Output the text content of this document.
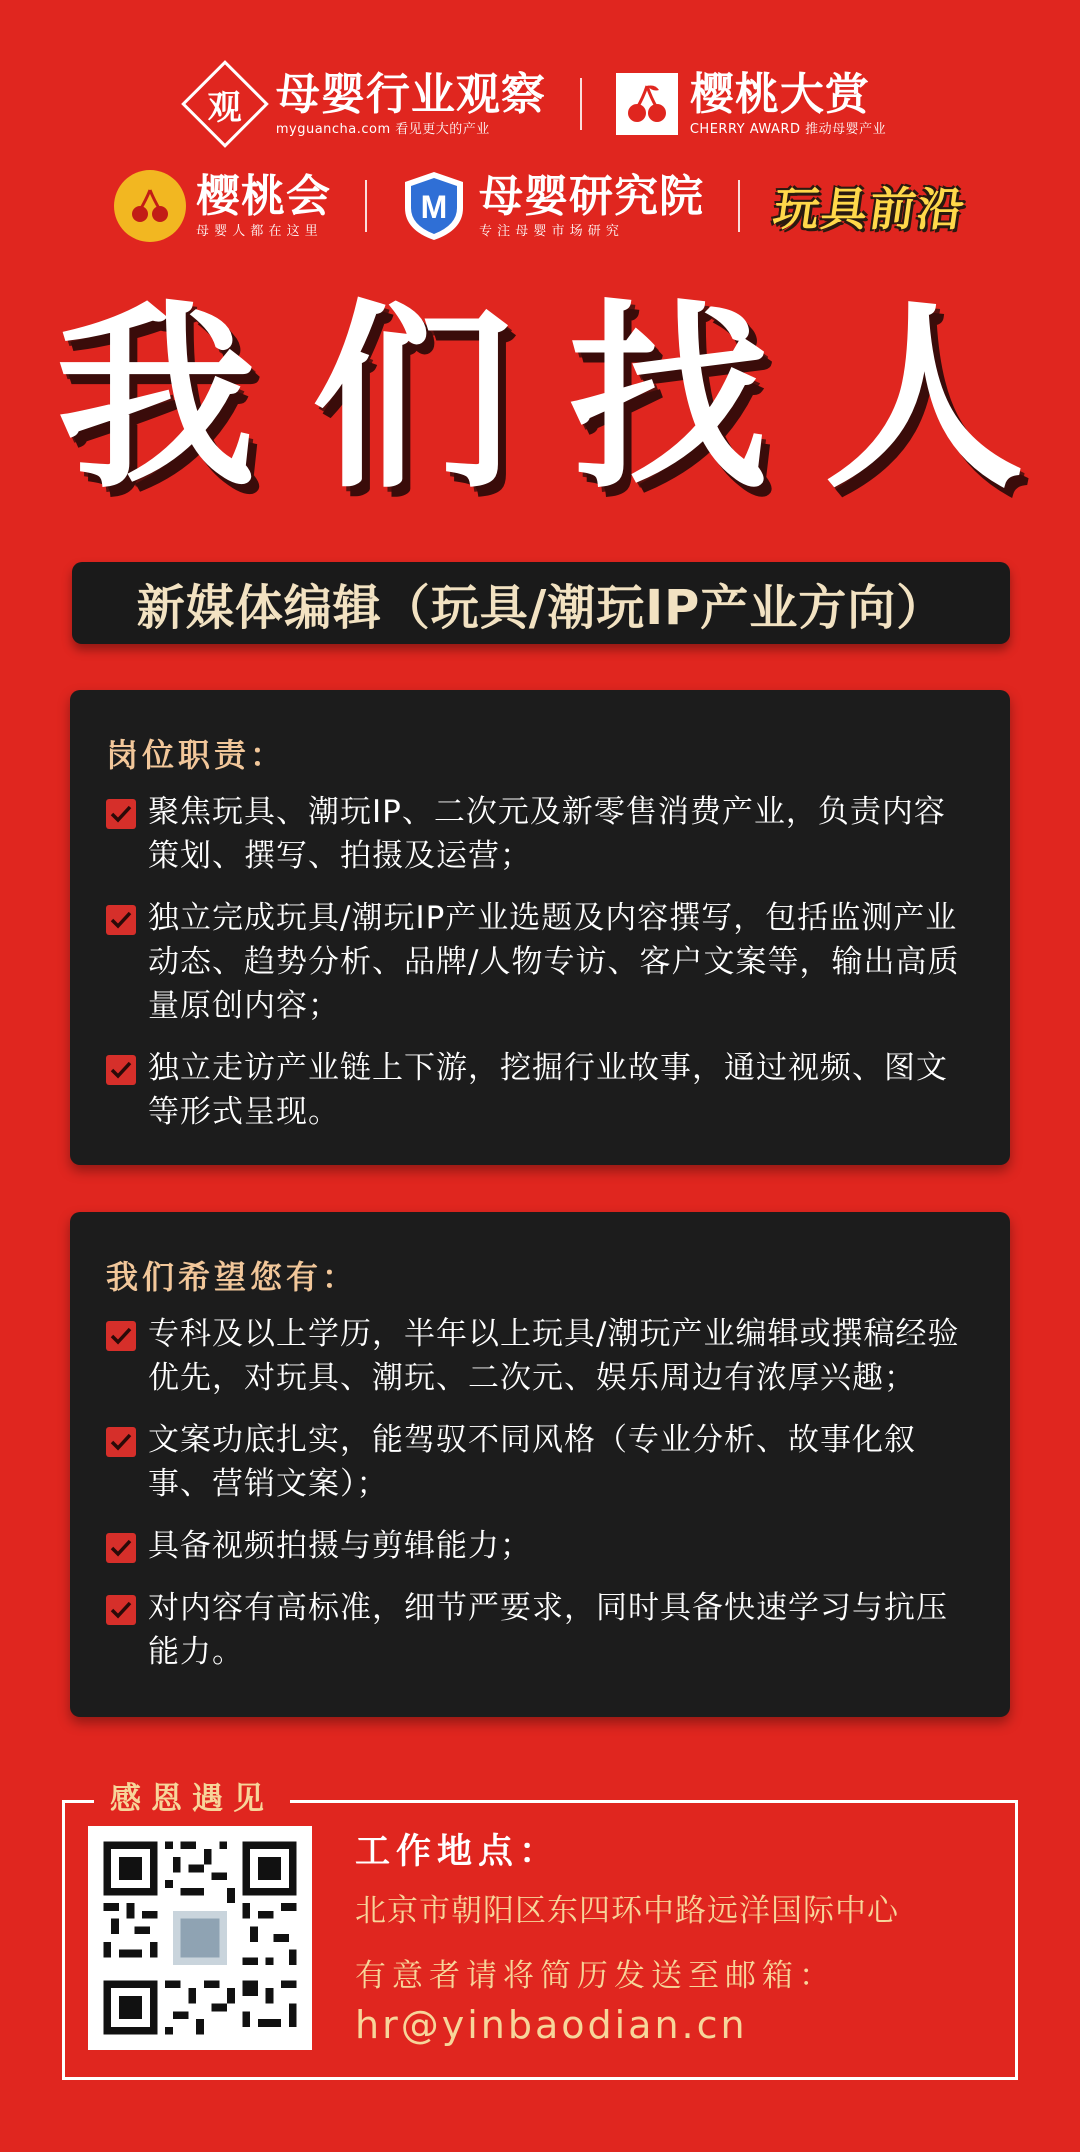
观 母婴行业观察
myguancha.com 看见更大的产业
樱桃大赏
CHERRY AWARD 推动母婴产业
樱桃会
母 婴 人 都 在 这 里
M 母婴研究院
专 注 母 婴 市 场 研 究	玩具前沿
我们找人
新媒体编辑（玩具/潮玩IP产业方向）
岗位职责：
聚焦玩具、潮玩IP、二次元及新零售消费产业，负责内容策划、撰写、拍摄及运营；
独立完成玩具/潮玩IP产业选题及内容撰写，包括监测产业动态、趋势分析、品牌/人物专访、客户文案等，输出高质量原创内容；
独立走访产业链上下游，挖掘行业故事，通过视频、图文等形式呈现。
我们希望您有：
专科及以上学历，半年以上玩具/潮玩产业编辑或撰稿经验优先，对玩具、潮玩、二次元、娱乐周边有浓厚兴趣；
文案功底扎实，能驾驭不同风格（专业分析、故事化叙事、营销文案）；
具备视频拍摄与剪辑能力；
对内容有高标准，细节严要求，同时具备快速学习与抗压能力。
感恩遇见
工作地点：
北京市朝阳区东四环中路远洋国际中心
有意者请将简历发送至邮箱：
hr@yinbaodian.cn
